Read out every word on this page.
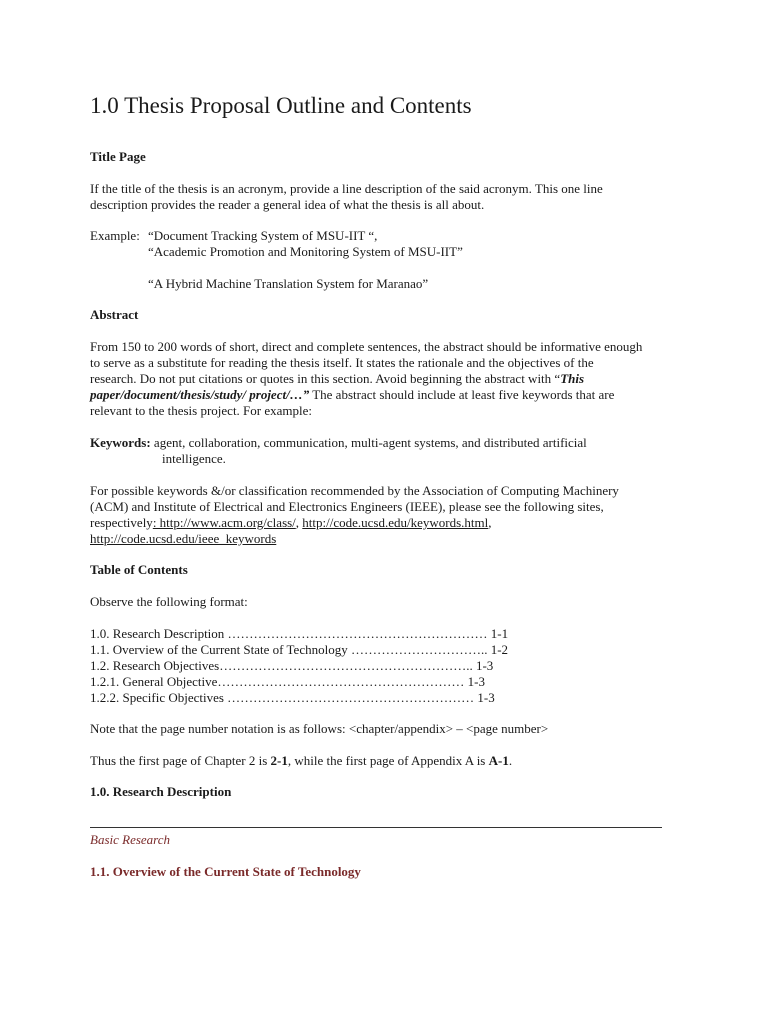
1.0 Thesis Proposal Outline and Contents
Title Page
If the title of the thesis is an acronym, provide a line description of the said acronym. This one line
description provides the reader a general idea of what the thesis is all about.
Example: “Document Tracking System of MSU-IIT “,
“Academic Promotion and Monitoring System of MSU-IIT”
“A Hybrid Machine Translation System for Maranao”
Abstract
From 150 to 200 words of short, direct and complete sentences, the abstract should be informative enough
to serve as a substitute for reading the thesis itself. It states the rationale and the objectives of the
research. Do not put citations or quotes in this section. Avoid beginning the abstract with “This
paper/document/thesis/study/ project/…” The abstract should include at least five keywords that are
relevant to the thesis project. For example:
Keywords: agent, collaboration, communication, multi-agent systems, and distributed artificial
intelligence.
For possible keywords &/or classification recommended by the Association of Computing Machinery
(ACM) and Institute of Electrical and Electronics Engineers (IEEE), please see the following sites,
respectively: http://www.acm.org/class/, http://code.ucsd.edu/keywords.html,
http://code.ucsd.edu/ieee_keywords
Table of Contents
Observe the following format:
1.0. Research Description …………………………………………………… 1-1
1.1. Overview of the Current State of Technology ………………………….. 1-2
1.2. Research Objectives………………………………………………….. 1-3
1.2.1. General Objective………………………………………………… 1-3
1.2.2. Specific Objectives ………………………………………………… 1-3
Note that the page number notation is as follows: <chapter/appendix> – <page number>
Thus the first page of Chapter 2 is 2-1, while the first page of Appendix A is A-1.
1.0. Research Description
Basic Research
1.1. Overview of the Current State of Technology
